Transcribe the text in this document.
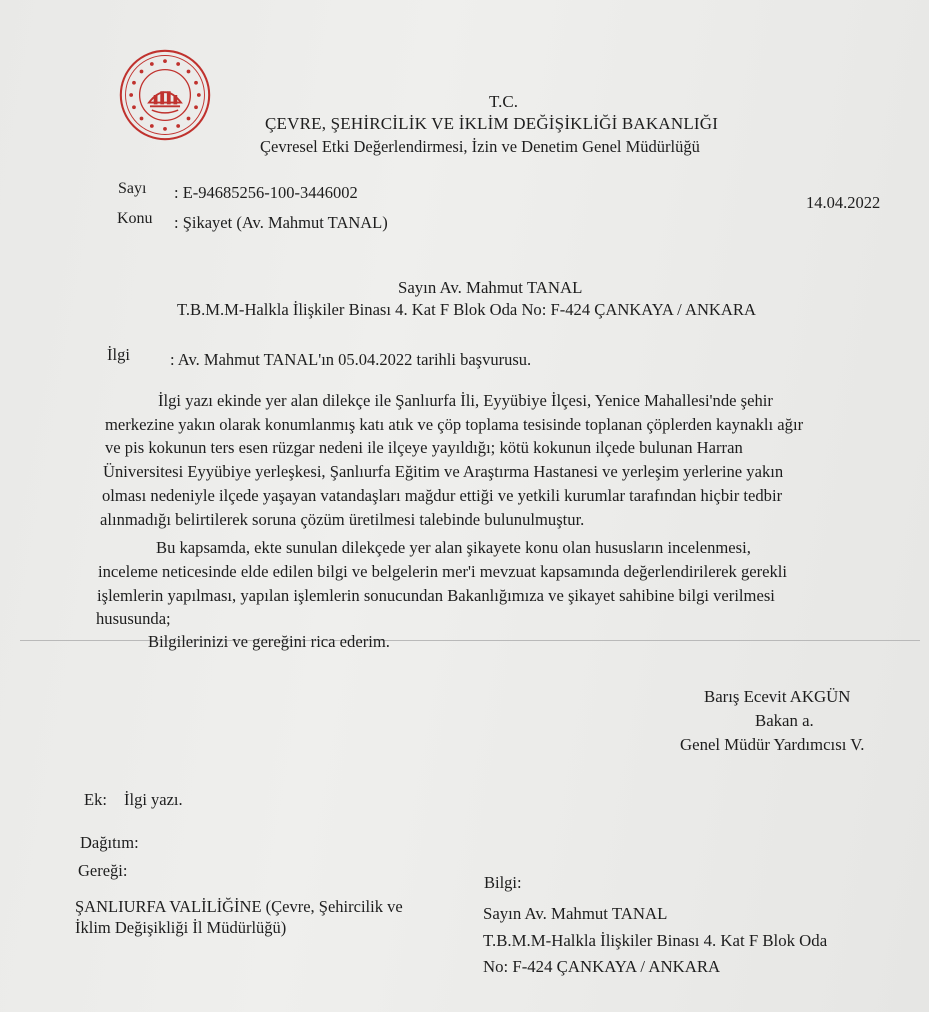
T.C.
ÇEVRE, ŞEHİRCİLİK VE İKLİM DEĞİŞİKLİĞİ BAKANLIĞI
Çevresel Etki Değerlendirmesi, İzin ve Denetim Genel Müdürlüğü
Sayı : E-94685256-100-3446002
Konu : Şikayet (Av. Mahmut TANAL)
14.04.2022
Sayın Av. Mahmut TANAL
T.B.M.M-Halkla İlişkiler Binası 4. Kat F Blok Oda No: F-424 ÇANKAYA / ANKARA
İlgi : Av. Mahmut TANAL'ın 05.04.2022 tarihli başvurusu.
İlgi yazı ekinde yer alan dilekçe ile Şanlıurfa İli, Eyyübiye İlçesi, Yenice Mahallesi'nde şehir
merkezine yakın olarak konumlanmış katı atık ve çöp toplama tesisinde toplanan çöplerden kaynaklı ağır
ve pis kokunun ters esen rüzgar nedeni ile ilçeye yayıldığı; kötü kokunun ilçede bulunan Harran
Üniversitesi Eyyübiye yerleşkesi, Şanlıurfa Eğitim ve Araştırma Hastanesi ve yerleşim yerlerine yakın
olması nedeniyle ilçede yaşayan vatandaşları mağdur ettiği ve yetkili kurumlar tarafından hiçbir tedbir
alınmadığı belirtilerek soruna çözüm üretilmesi talebinde bulunulmuştur.
Bu kapsamda, ekte sunulan dilekçede yer alan şikayete konu olan hususların incelenmesi,
inceleme neticesinde elde edilen bilgi ve belgelerin mer'i mevzuat kapsamında değerlendirilerek gerekli
işlemlerin yapılması, yapılan işlemlerin sonucundan Bakanlığımıza ve şikayet sahibine bilgi verilmesi
hususunda;
Bilgilerinizi ve gereğini rica ederim.
Barış Ecevit AKGÜN
Bakan a.
Genel Müdür Yardımcısı V.
Ek: İlgi yazı.
Dağıtım:
Gereği:
ŞANLIURFA VALİLİĞİNE (Çevre, Şehircilik ve
İklim Değişikliği İl Müdürlüğü)
Bilgi:
Sayın Av. Mahmut TANAL
T.B.M.M-Halkla İlişkiler Binası 4. Kat F Blok Oda
No: F-424 ÇANKAYA / ANKARA
